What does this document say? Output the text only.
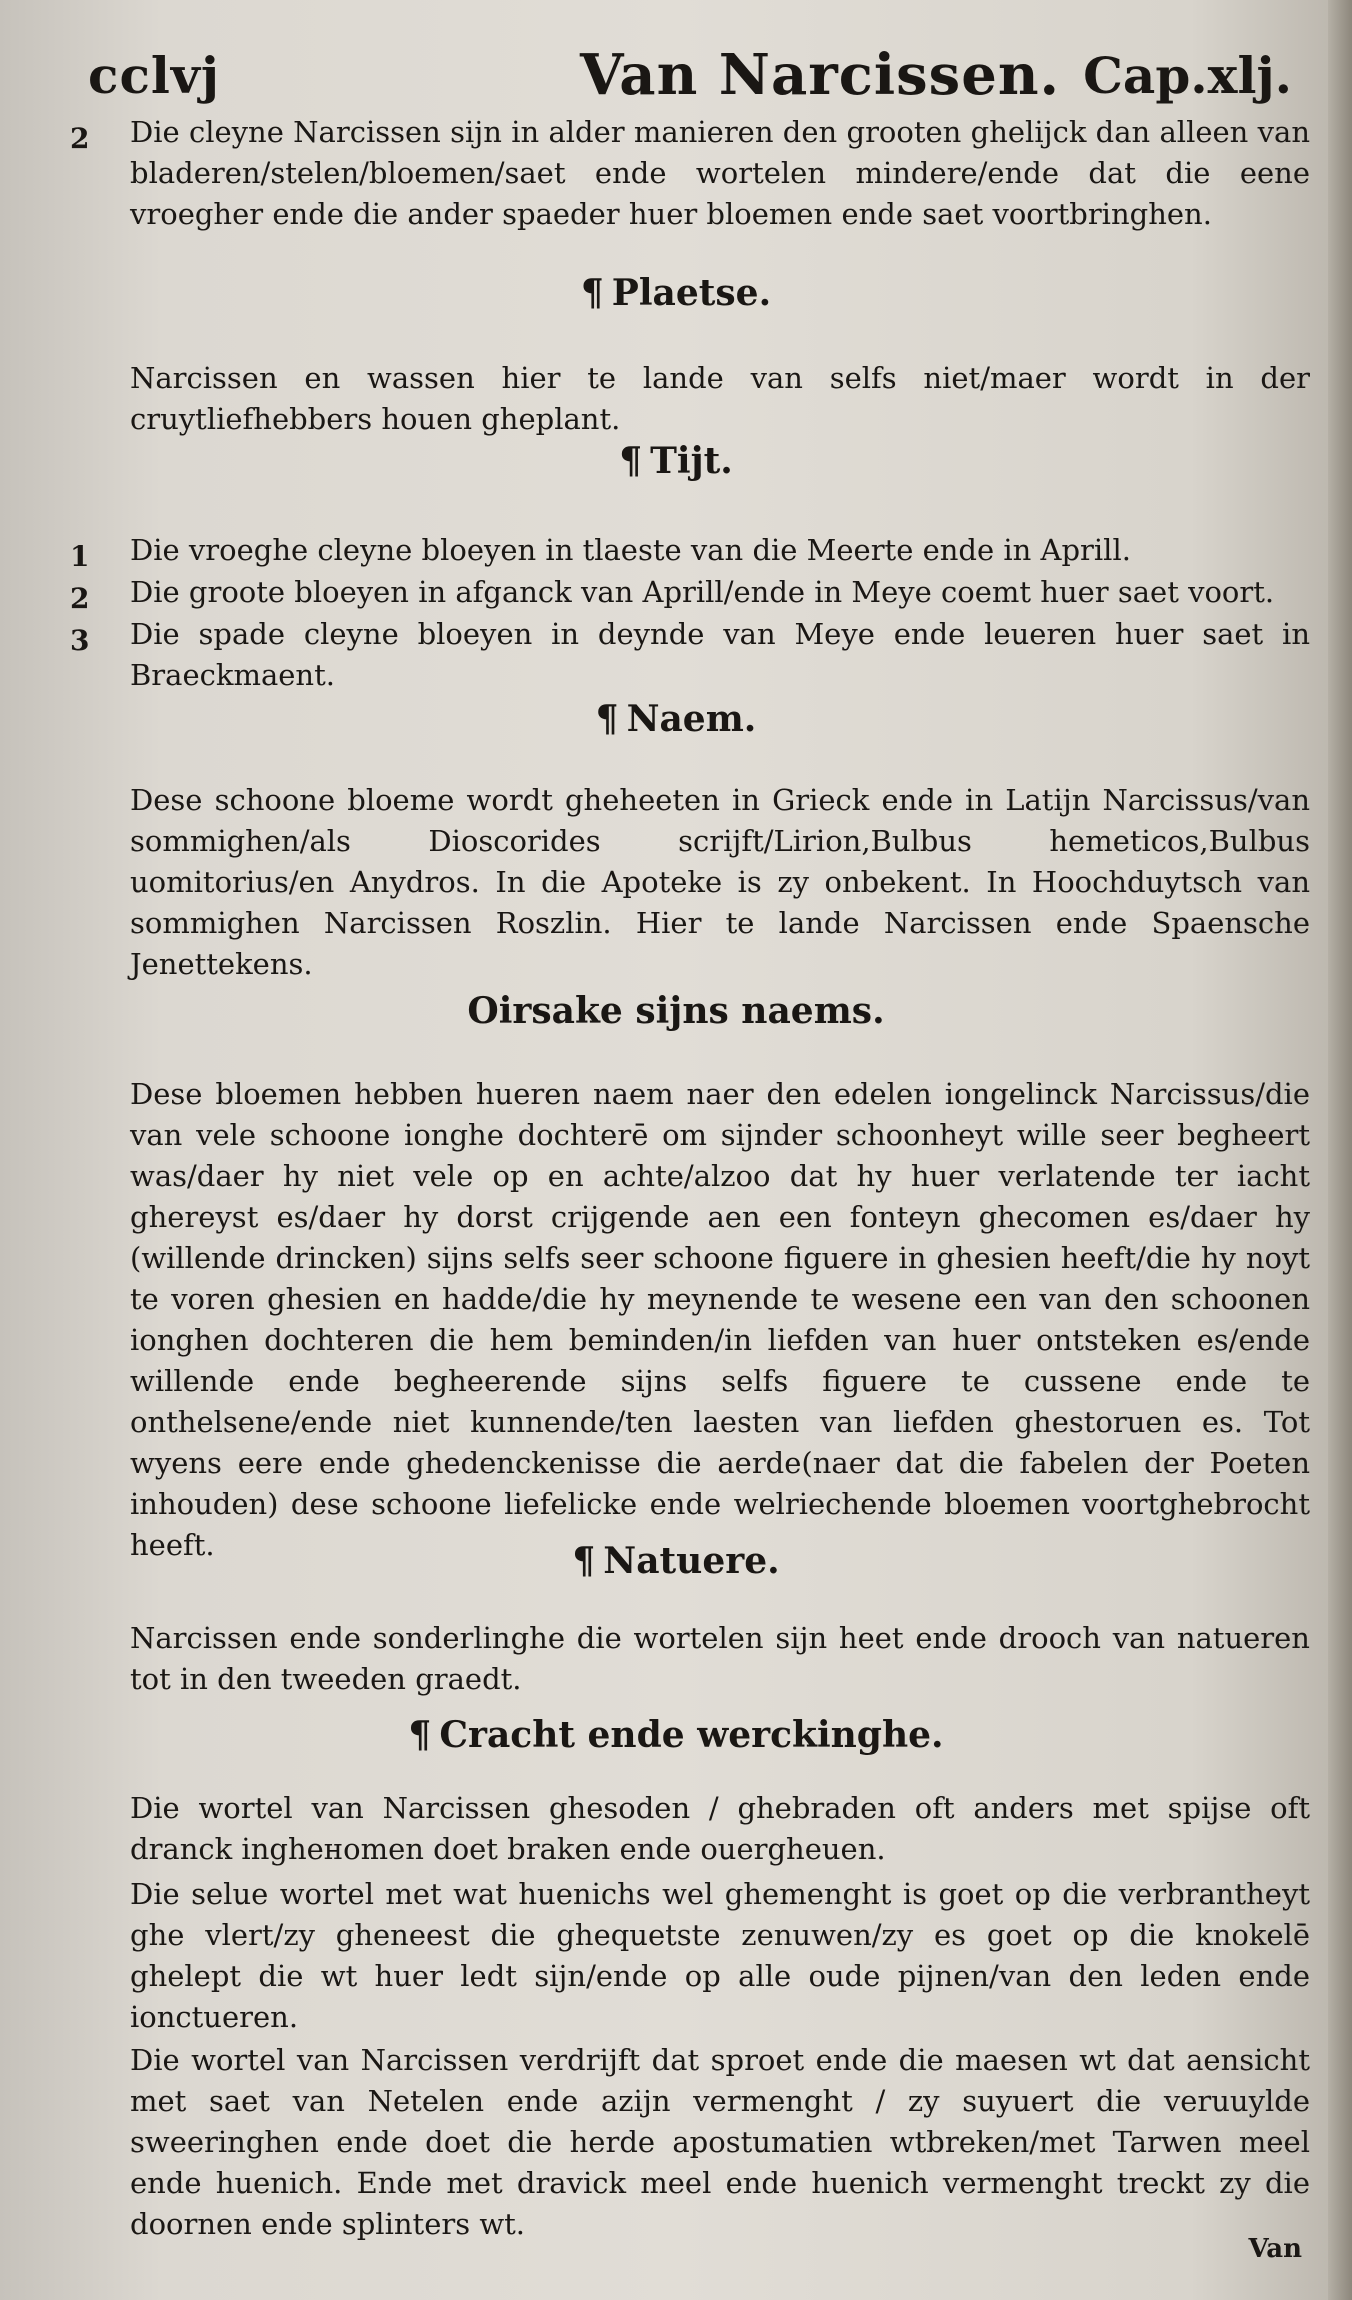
cclvj	Van Narcissen. Cap.xlj.
2 Die cleyne Narcissen sijn in alder manieren den grooten ghelijck dan alleen van bladeren/stelen/bloemen/saet ende wortelen mindere/ende dat die eene vroegher ende die ander spaeder huer bloemen ende saet voortbringhen.
¶ Plaetse.
Narcissen en wassen hier te lande van selfs niet/maer wordt in der cruytliefhebbers houen gheplant.
¶ Tijt.
1 Die vroeghe cleyne bloeyen in tlaeste van die Meerte ende in Aprill.
2 Die groote bloeyen in afganck van Aprill/ende in Meye coemt huer saet voort.
3 Die spade cleyne bloeyen in deynde van Meye ende leueren huer saet in Braeckmaent.
¶ Naem.
Dese schoone bloeme wordt gheheeten in Grieck ende in Latijn Narcissus/van sommighen/als Dioscorides scrijft/Lirion,Bulbus hemeticos,Bulbus uomitorius/en Anydros. In die Apoteke is zy onbekent. In Hoochduytsch van sommighen Narcissen Roszlin. Hier te lande Narcissen ende Spaensche Jenettekens.
Oirsake sijns naems.
Dese bloemen hebben hueren naem naer den edelen iongelinck Narcissus/die van vele schoone ionghe dochterē om sijnder schoonheyt wille seer begheert was/daer hy niet vele op en achte/alzoo dat hy huer verlatende ter iacht ghereyst es/daer hy dorst crijgende aen een fonteyn ghecomen es/daer hy (willende drincken) sijns selfs seer schoone figuere in ghesien heeft/die hy noyt te voren ghesien en hadde/die hy meynende te wesene een van den schoonen ionghen dochteren die hem beminden/in liefden van huer ontsteken es/ende willende ende begheerende sijns selfs figuere te cussene ende te onthelsene/ende niet kunnende/ten laesten van liefden ghestoruen es. Tot wyens eere ende ghedenckenisse die aerde(naer dat die fabelen der Poeten inhouden) dese schoone liefelicke ende welriechende bloemen voortghebrocht heeft.	¶ Natuere.
Narcissen ende sonderlinghe die wortelen sijn heet ende drooch van natueren tot in den tweeden graedt.
¶ Cracht ende werckinghe.
Die wortel van Narcissen ghesoden / ghebraden oft anders met spijse oft dranck ingheнomen doet braken ende ouergheuen.
Die selue wortel met wat huenichs wel ghemenght is goet op die verbrantheyt ghe vlert/zy gheneest die ghequetste zenuwen/zy es goet op die knokelē ghelept die wt huer ledt sijn/ende op alle oude pijnen/van den leden ende ionctueren.
Die wortel van Narcissen verdrijft dat sproet ende die maesen wt dat aensicht met saet van Netelen ende azijn vermenght / zy suyuert die veruuylde sweeringhen ende doet die herde apostumatien wtbreken/met Tarwen meel ende huenich. Ende met dravick meel ende huenich vermenght treckt zy die doornen ende splinters wt.
Van
